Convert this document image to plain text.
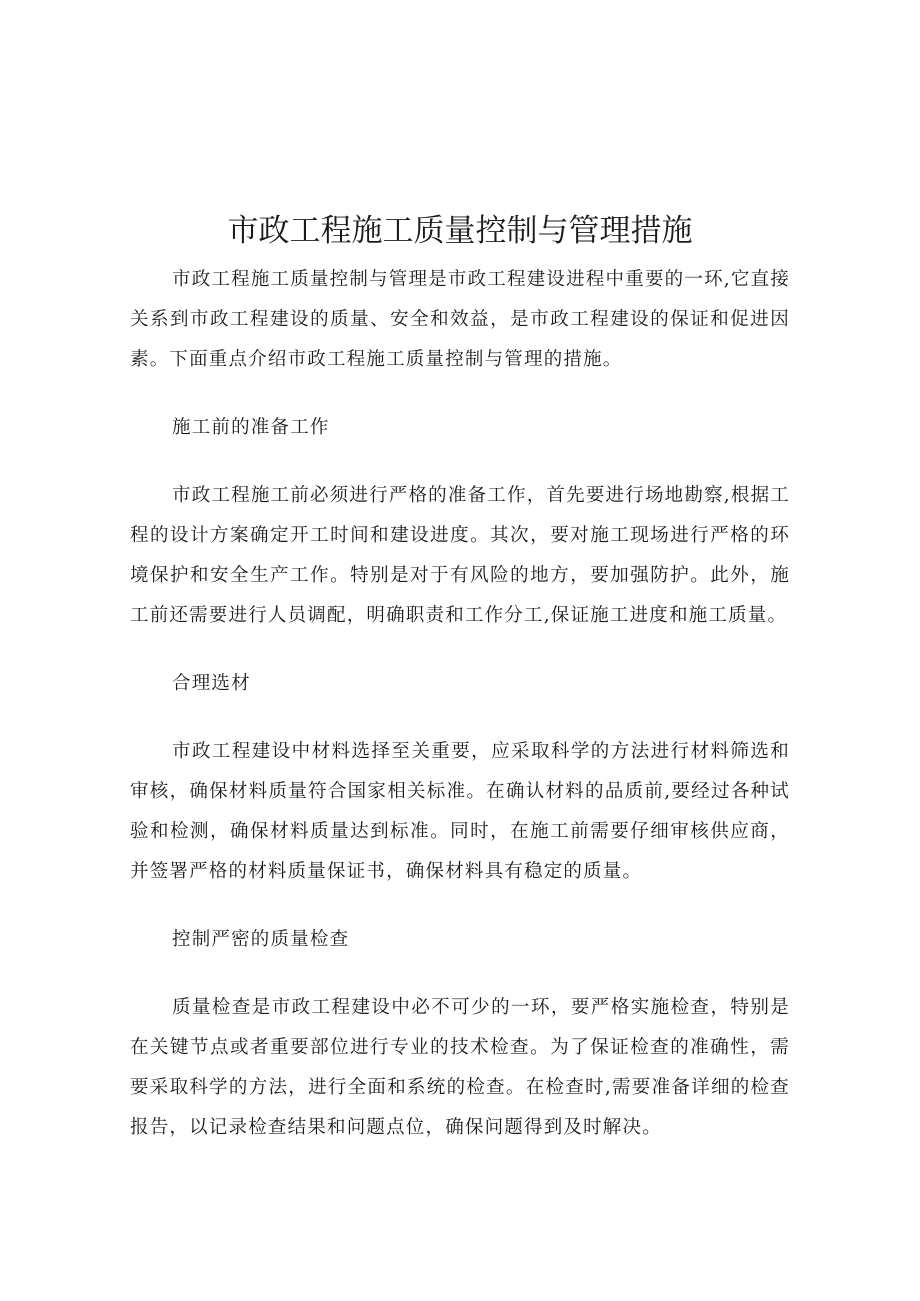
市政工程施工质量控制与管理措施

市政工程施工质量控制与管理是市政工程建设进程中重要的一环,它直接关系到市政工程建设的质量、安全和效益，是市政工程建设的保证和促进因素。下面重点介绍市政工程施工质量控制与管理的措施。

施工前的准备工作

市政工程施工前必须进行严格的准备工作，首先要进行场地勘察,根据工程的设计方案确定开工时间和建设进度。其次，要对施工现场进行严格的环境保护和安全生产工作。特别是对于有风险的地方，要加强防护。此外，施工前还需要进行人员调配，明确职责和工作分工,保证施工进度和施工质量。

合理选材

市政工程建设中材料选择至关重要，应采取科学的方法进行材料筛选和审核，确保材料质量符合国家相关标准。在确认材料的品质前,要经过各种试验和检测，确保材料质量达到标准。同时，在施工前需要仔细审核供应商，并签署严格的材料质量保证书，确保材料具有稳定的质量。

控制严密的质量检查

质量检查是市政工程建设中必不可少的一环，要严格实施检查，特别是在关键节点或者重要部位进行专业的技术检查。为了保证检查的准确性，需要采取科学的方法，进行全面和系统的检查。在检查时,需要准备详细的检查报告，以记录检查结果和问题点位，确保问题得到及时解决。
